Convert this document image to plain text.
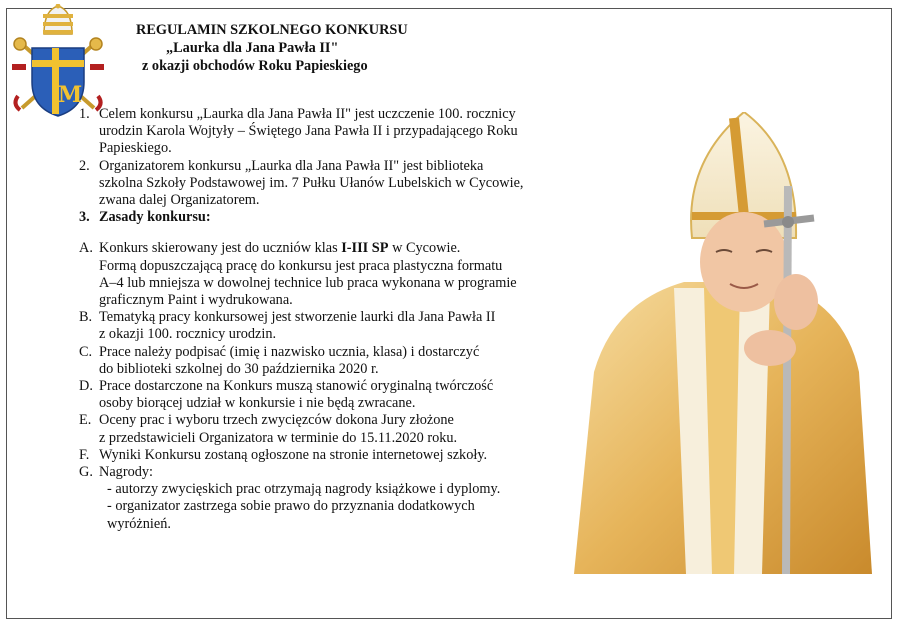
M
REGULAMIN SZKOLNEGO KONKURSU
„Laurka dla Jana Pawła II"
z okazji obchodów Roku Papieskiego
1. Celem konkursu „Laurka dla Jana Pawła II" jest uczczenie 100. rocznicy
urodzin Karola Wojtyły – Świętego Jana Pawła II i przypadającego Roku
Papieskiego.
2. Organizatorem konkursu „Laurka dla Jana Pawła II" jest biblioteka
szkolna Szkoły Podstawowej im. 7 Pułku Ułanów Lubelskich w Cycowie,
zwana dalej Organizatorem.
3. Zasady konkursu:
A. Konkurs skierowany jest do uczniów klas I-III SP w Cycowie.
Formą dopuszczającą pracę do konkursu jest praca plastyczna formatu
A–4 lub mniejsza w dowolnej technice lub praca wykonana w programie
graficznym Paint i wydrukowana.
B. Tematyką pracy konkursowej jest stworzenie laurki dla Jana Pawła II
z okazji 100. rocznicy urodzin.
C. Prace należy podpisać (imię i nazwisko ucznia, klasa) i dostarczyć
do biblioteki szkolnej do 30 października 2020 r.
D. Prace dostarczone na Konkurs muszą stanowić oryginalną twórczość
osoby biorącej udział w konkursie i nie będą zwracane.
E. Oceny prac i wyboru trzech zwycięzców dokona Jury złożone
z przedstawicieli Organizatora w terminie do 15.11.2020 roku.
F. Wyniki Konkursu zostaną ogłoszone na stronie internetowej szkoły.
G. Nagrody:
- autorzy zwycięskich prac otrzymają nagrody książkowe i dyplomy.
- organizator zastrzega sobie prawo do przyznania dodatkowych
wyróżnień.
